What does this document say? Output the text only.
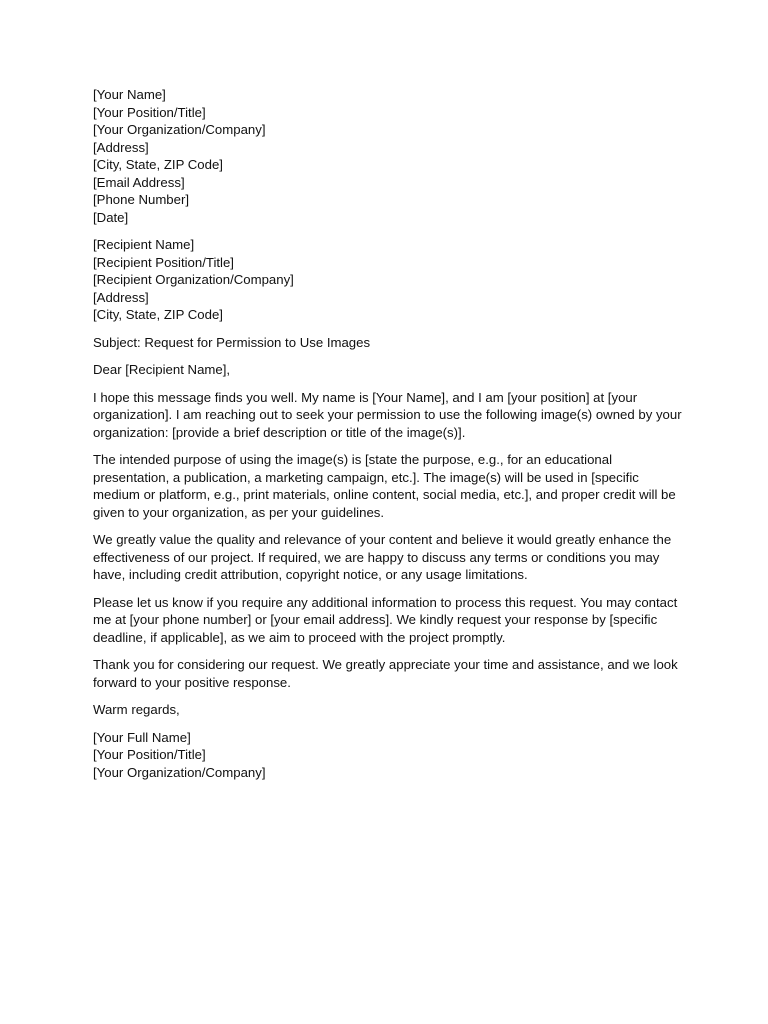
[Your Name]
[Your Position/Title]
[Your Organization/Company]
[Address]
[City, State, ZIP Code]
[Email Address]
[Phone Number]
[Date]
[Recipient Name]
[Recipient Position/Title]
[Recipient Organization/Company]
[Address]
[City, State, ZIP Code]

Subject: Request for Permission to Use Images

Dear [Recipient Name],

I hope this message finds you well. My name is [Your Name], and I am [your position] at [your organization]. I am reaching out to seek your permission to use the following image(s) owned by your organization: [provide a brief description or title of the image(s)].

The intended purpose of using the image(s) is [state the purpose, e.g., for an educational presentation, a publication, a marketing campaign, etc.]. The image(s) will be used in [specific medium or platform, e.g., print materials, online content, social media, etc.], and proper credit will be given to your organization, as per your guidelines.

We greatly value the quality and relevance of your content and believe it would greatly enhance the effectiveness of our project. If required, we are happy to discuss any terms or conditions you may have, including credit attribution, copyright notice, or any usage limitations.

Please let us know if you require any additional information to process this request. You may contact me at [your phone number] or [your email address]. We kindly request your response by [specific deadline, if applicable], as we aim to proceed with the project promptly.

Thank you for considering our request. We greatly appreciate your time and assistance, and we look forward to your positive response.

Warm regards,

[Your Full Name]
[Your Position/Title]
[Your Organization/Company]
